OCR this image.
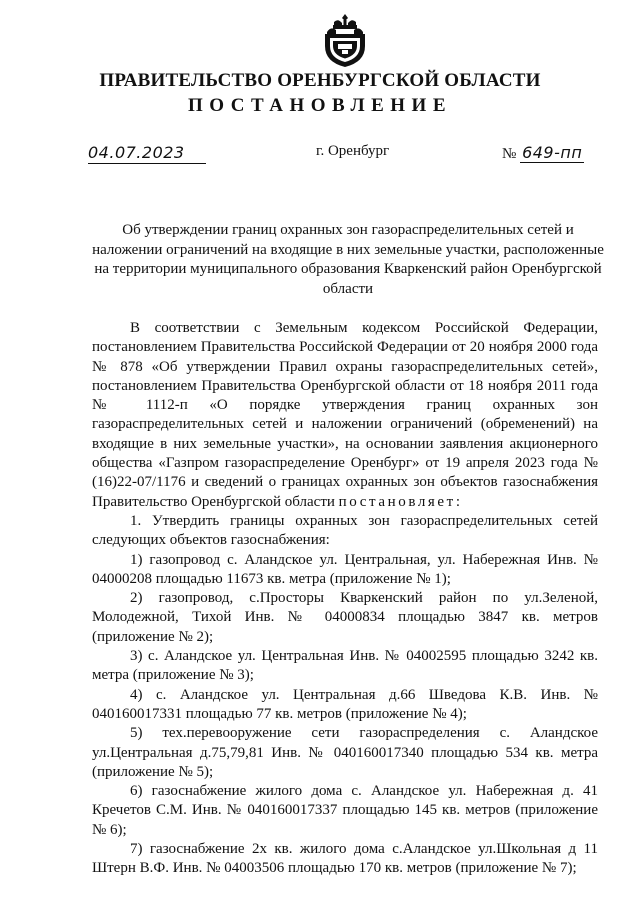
ПРАВИТЕЛЬСТВО ОРЕНБУРГСКОЙ ОБЛАСТИ
ПОСТАНОВЛЕНИЕ
04.07.2023	г. Оренбург	№ 649-пп
Об утверждении границ охранных зон газораспределительных сетей и наложении ограничений на входящие в них земельные участки, расположенные на территории муниципального образования Кваркенский район Оренбургской области

В соответствии с Земельным кодексом Российской Федерации, постановлением Правительства Российской Федерации от 20 ноября 2000 года № 878 «Об утверждении Правил охраны газораспределительных сетей», постановлением Правительства Оренбургской области от 18 ноября 2011 года № 1112-п «О порядке утверждения границ охранных зон газораспределительных сетей и наложении ограничений (обременений) на входящие в них земельные участки», на основании заявления акционерного общества «Газпром газораспределение Оренбург» от 19 апреля 2023 года № (16)22-07/1176 и сведений о границах охранных зон объектов газоснабжения Правительство Оренбургской области постановляет:

1. Утвердить границы охранных зон газораспределительных сетей следующих объектов газоснабжения:

1) газопровод с. Аландское ул. Центральная, ул. Набережная Инв. № 04000208 площадью 11673 кв. метра (приложение № 1);

2) газопровод, с.Просторы Кваркенский район по ул.Зеленой, Молодежной, Тихой Инв. № 04000834 площадью 3847 кв. метров (приложение № 2);

3) с. Аландское ул. Центральная Инв. № 04002595 площадью 3242 кв. метра (приложение № 3);

4) с. Аландское ул. Центральная д.66 Шведова К.В. Инв. № 040160017331 площадью 77 кв. метров (приложение № 4);

5) тех.перевооружение сети газораспределения с. Аландское ул.Центральная д.75,79,81 Инв. № 040160017340 площадью 534 кв. метра (приложение № 5);

6) газоснабжение жилого дома с. Аландское ул. Набережная д. 41 Кречетов С.М. Инв. № 040160017337 площадью 145 кв. метров (приложение № 6);

7) газоснабжение 2х кв. жилого дома с.Аландское ул.Школьная д 11 Штерн В.Ф. Инв. № 04003506 площадью 170 кв. метров (приложение № 7);
